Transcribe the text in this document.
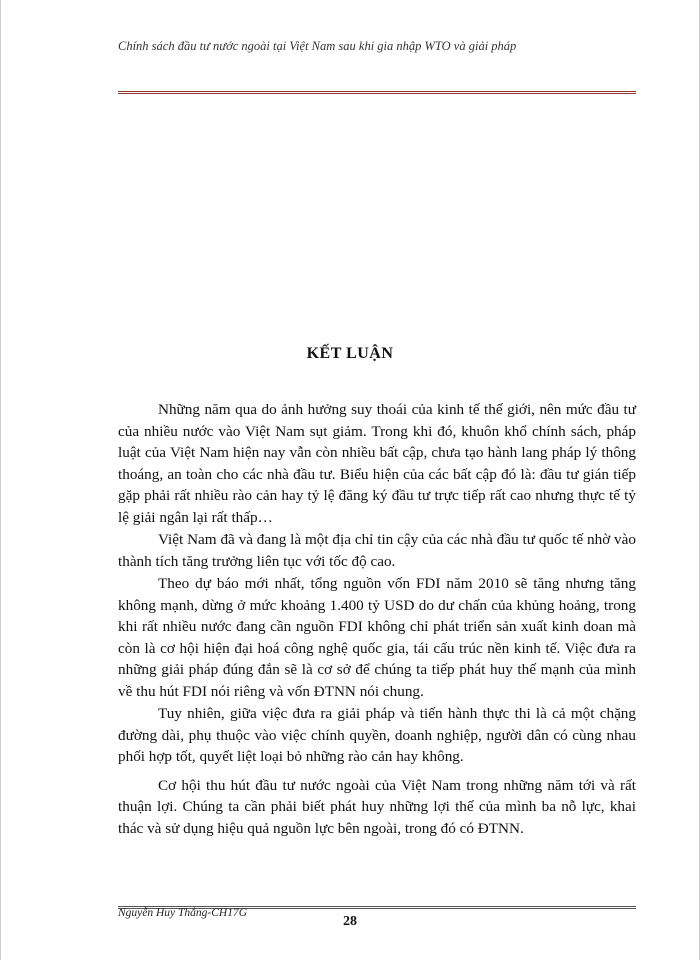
Chính sách đầu tư nước ngoài tại Việt Nam sau khi gia nhập WTO và giải pháp
KẾT LUẬN

Những năm qua do ảnh hưởng suy thoái của kinh tế thế giới, nên mức đầu tư của nhiều nước vào Việt Nam sụt giảm. Trong khi đó, khuôn khổ chính sách, pháp luật của Việt Nam hiện nay vẫn còn nhiều bất cập, chưa tạo hành lang pháp lý thông thoáng, an toàn cho các nhà đầu tư. Biểu hiện của các bất cập đó là: đầu tư gián tiếp gặp phải rất nhiều rào cản hay tỷ lệ đăng ký đầu tư trực tiếp rất cao nhưng thực tế tỷ lệ giải ngân lại rất thấp…

Việt Nam đã và đang là một địa chỉ tin cậy của các nhà đầu tư quốc tế nhờ vào thành tích tăng trưởng liên tục với tốc độ cao.

Theo dự báo mới nhất, tổng nguồn vốn FDI năm 2010 sẽ tăng nhưng tăng không mạnh, dừng ở mức khoảng 1.400 tỷ USD do dư chấn của khủng hoảng, trong khi rất nhiều nước đang cần nguồn FDI không chỉ phát triển sản xuất kinh doan mà còn là cơ hội hiện đại hoá công nghệ quốc gia, tái cấu trúc nền kinh tế. Việc đưa ra những giải pháp đúng đắn sẽ là cơ sở để chúng ta tiếp phát huy thế mạnh của mình về thu hút FDI nói riêng và vốn ĐTNN nói chung.

Tuy nhiên, giữa việc đưa ra giải pháp và tiến hành thực thi là cả một chặng đường dài, phụ thuộc vào việc chính quyền, doanh nghiệp, người dân có cùng nhau phối hợp tốt, quyết liệt loại bỏ những rào cản hay không.

Cơ hội thu hút đầu tư nước ngoài của Việt Nam trong những năm tới và rất thuận lợi. Chúng ta cần phải biết phát huy những lợi thế của mình ba nỗ lực, khai thác và sử dụng hiệu quả nguồn lực bên ngoài, trong đó có ĐTNN.

Nguyễn Huy Thắng-CH17G
28
